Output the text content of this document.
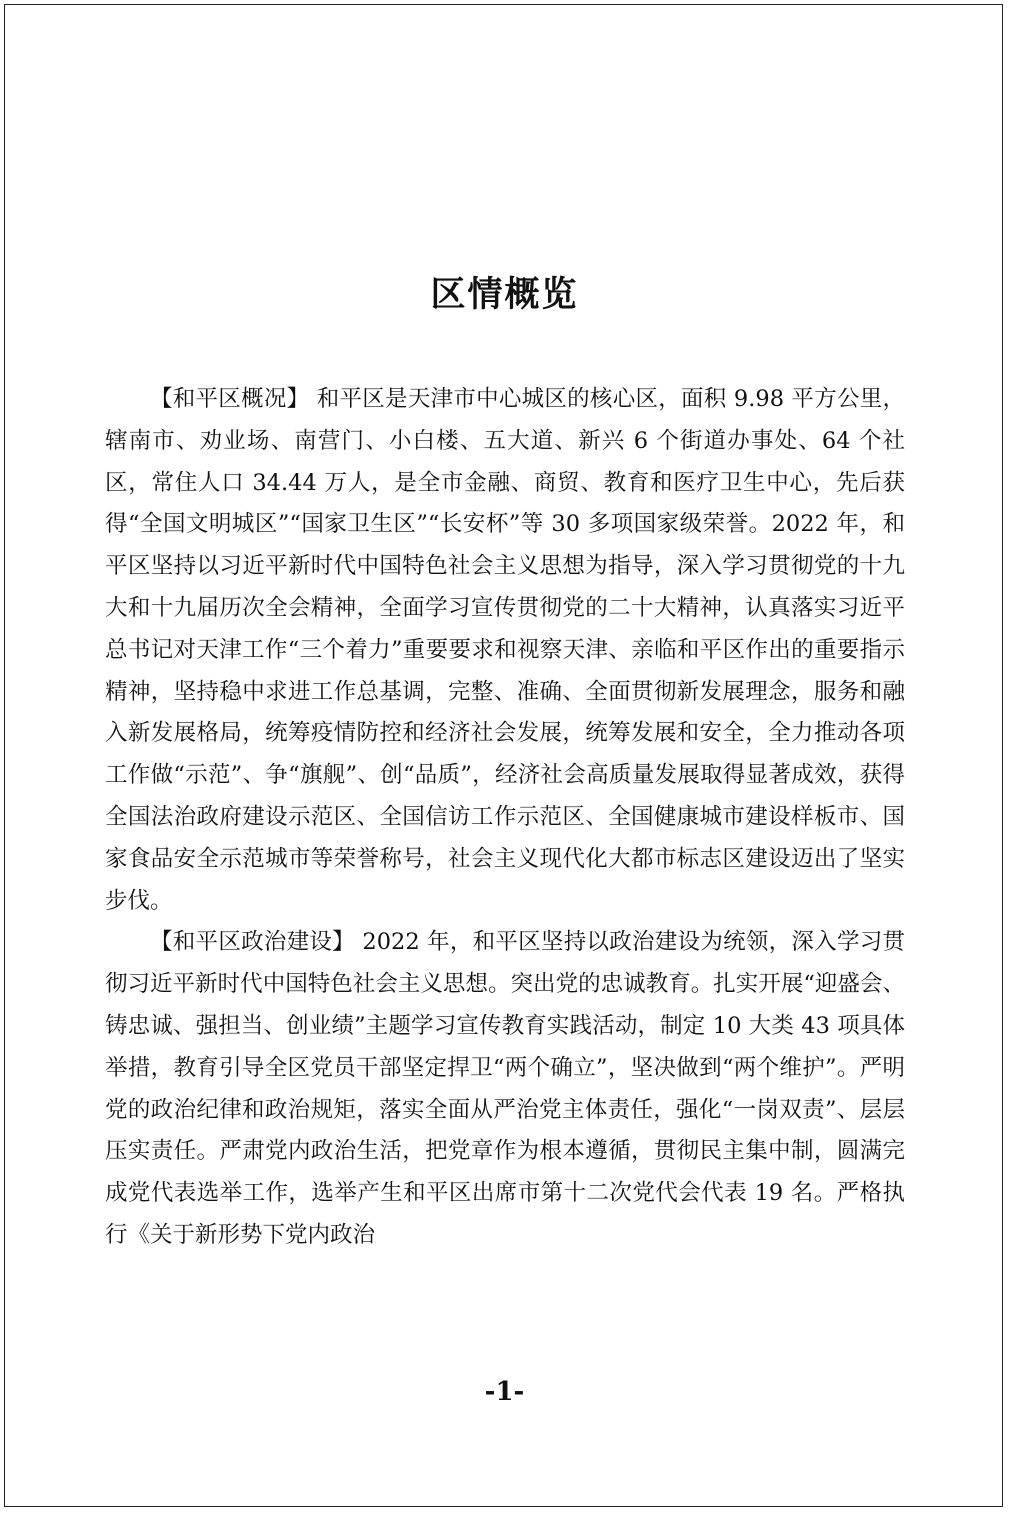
区情概览

【和平区概况】 和平区是天津市中心城区的核心区，面积 9.98 平方公里，辖南市、劝业场、南营门、小白楼、五大道、新兴 6 个街道办事处、64 个社区，常住人口 34.44 万人，是全市金融、商贸、教育和医疗卫生中心，先后获得“全国文明城区”“国家卫生区”“长安杯”等 30 多项国家级荣誉。2022 年，和平区坚持以习近平新时代中国特色社会主义思想为指导，深入学习贯彻党的十九大和十九届历次全会精神，全面学习宣传贯彻党的二十大精神，认真落实习近平总书记对天津工作“三个着力”重要要求和视察天津、亲临和平区作出的重要指示精神，坚持稳中求进工作总基调，完整、准确、全面贯彻新发展理念，服务和融入新发展格局，统筹疫情防控和经济社会发展，统筹发展和安全，全力推动各项工作做“示范”、争“旗舰”、创“品质”，经济社会高质量发展取得显著成效，获得全国法治政府建设示范区、全国信访工作示范区、全国健康城市建设样板市、国家食品安全示范城市等荣誉称号，社会主义现代化大都市标志区建设迈出了坚实步伐。

【和平区政治建设】 2022 年，和平区坚持以政治建设为统领，深入学习贯彻习近平新时代中国特色社会主义思想。突出党的忠诚教育。扎实开展“迎盛会、铸忠诚、强担当、创业绩”主题学习宣传教育实践活动，制定 10 大类 43 项具体举措，教育引导全区党员干部坚定捍卫“两个确立”，坚决做到“两个维护”。严明党的政治纪律和政治规矩，落实全面从严治党主体责任，强化“一岗双责”、层层压实责任。严肃党内政治生活，把党章作为根本遵循，贯彻民主集中制，圆满完成党代表选举工作，选举产生和平区出席市第十二次党代会代表 19 名。严格执行《关于新形势下党内政治

-1-
